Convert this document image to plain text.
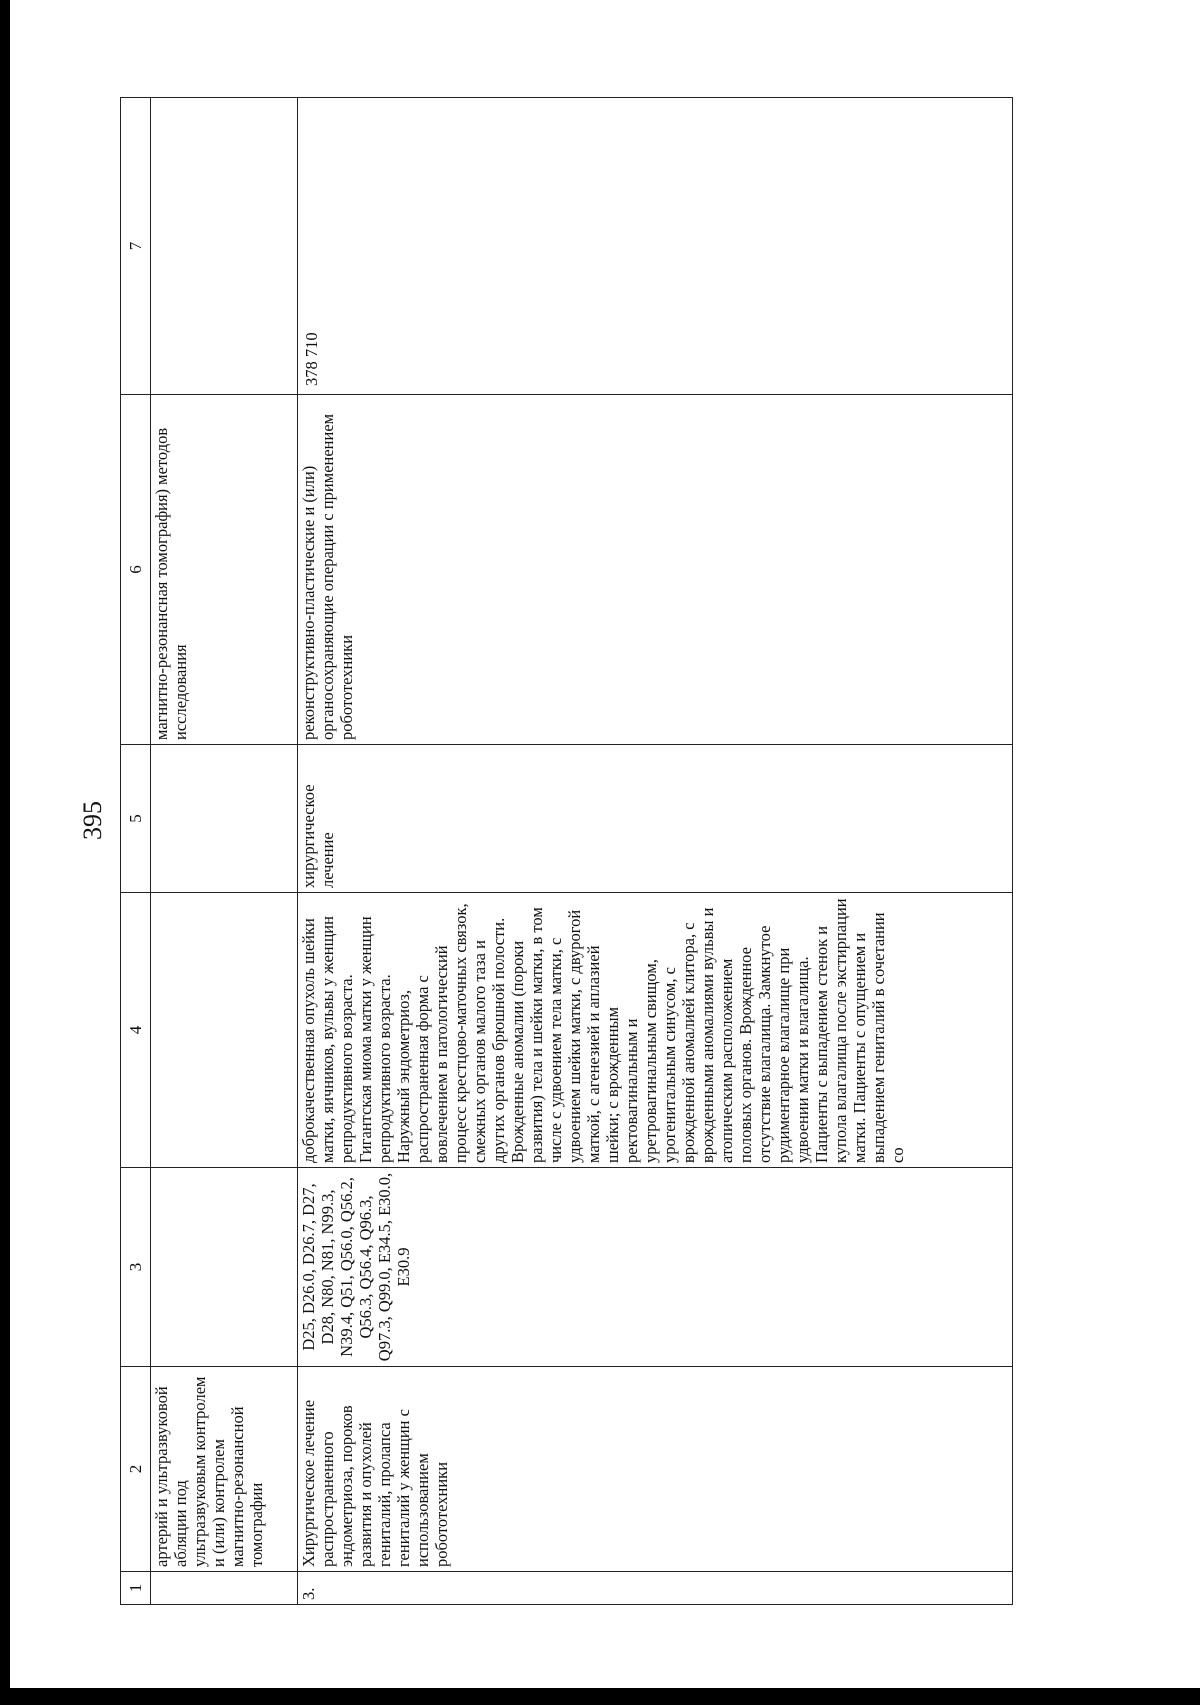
395
1	2	3	4	5	6	7
	артерий и ультразвуковой абляции под ультразвуковым контролем и (или) контролем магнитно-резонансной томографии				магнитно-резонансная томография) методов исследования	
3.	Хирургическое лечение распространенного эндометриоза, пороков развития и опухолей гениталий, пролапса гениталий у женщин с использованием робототехники	D25, D26.0, D26.7, D27, D28, N80, N81, N99.3, N39.4, Q51, Q56.0, Q56.2, Q56.3, Q56.4, Q96.3, Q97.3, Q99.0, E34.5, E30.0, E30.9	доброкачественная опухоль шейки матки, яичников, вульвы у женщин репродуктивного возраста. Гигантская миома матки у женщин репродуктивного возраста. Наружный эндометриоз, распространенная форма с вовлечением в патологический процесс крестцово-маточных связок, смежных органов малого таза и других органов брюшной полости. Врожденные аномалии (пороки развития) тела и шейки матки, в том числе с удвоением тела матки, с удвоением шейки матки, с двурогой маткой, с агенезией и аплазией шейки; с врожденным ректовагинальным и уретровагинальным свищом, урогенитальным синусом, с врожденной аномалией клитора, с врожденными аномалиями вульвы и атопическим расположением половых органов. Врожденное отсутствие влагалища. Замкнутое рудиментарное влагалище при удвоении матки и влагалища. Пациенты с выпадением стенок и купола влагалища после экстирпации матки. Пациенты с опущением и выпадением гениталий в сочетании со	хирургическое лечение	реконструктивно-пластические и (или) органосохраняющие операции с применением робототехники	378 710
